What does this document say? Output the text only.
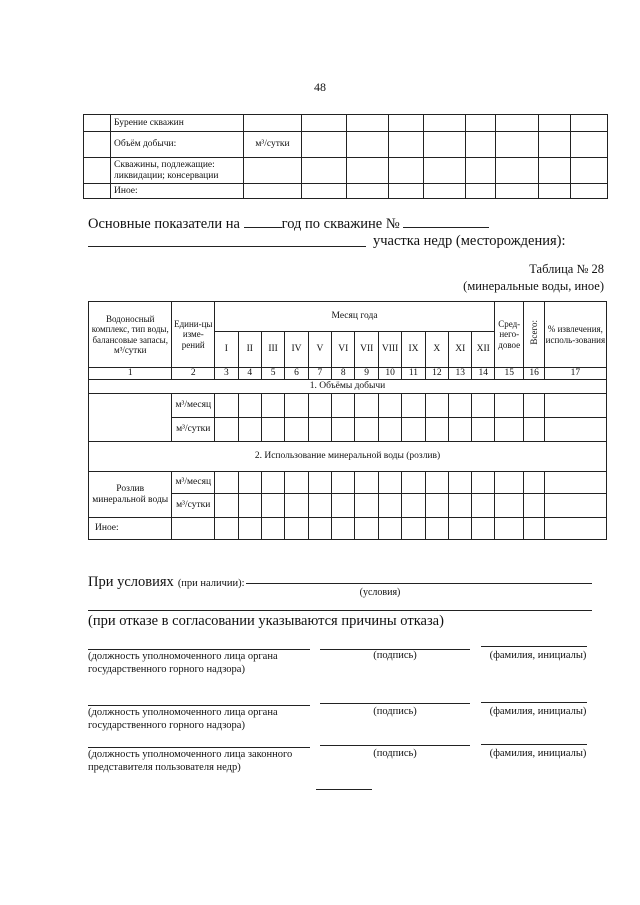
48
	Бурение скважин									
	Объём добычи:	м³/сутки								
	Скважины, подлежащие: ликвидации; консервации									
	Иное:									
Основные показатели на	год по скважине №
участка недр (месторождения):
Таблица № 28
(минеральные воды, иное)
Водоносный комплекс, тип воды, балансовые запасы, м³/сутки	Едини-цы изме-рений	Месяц года												Сред-него-довое	Всего:	% извлечения, исполь-зования
		I	II	III	IV	V	VI	VII	VIII	IX	X	XI	XII			
1	2	3	4	5	6	7	8	9	10	11	12	13	14	15	16	17
1. Объёмы добычи																
	м³/месяц															
	м³/сутки															
2. Использование минеральной воды (розлив)																
Розлив минеральной воды	м³/месяц															
	м³/сутки															
Иное:																
При условиях (при наличии):
(условия)
(при отказе в согласовании указываются причины отказа)
(должность уполномоченного лица органа государственного горного надзора)
(подпись)	(фамилия, инициалы)
(должность уполномоченного лица органа государственного горного надзора)
(подпись)	(фамилия, инициалы)
(должность уполномоченного лица законного представителя пользователя недр)
(подпись)	(фамилия, инициалы)
